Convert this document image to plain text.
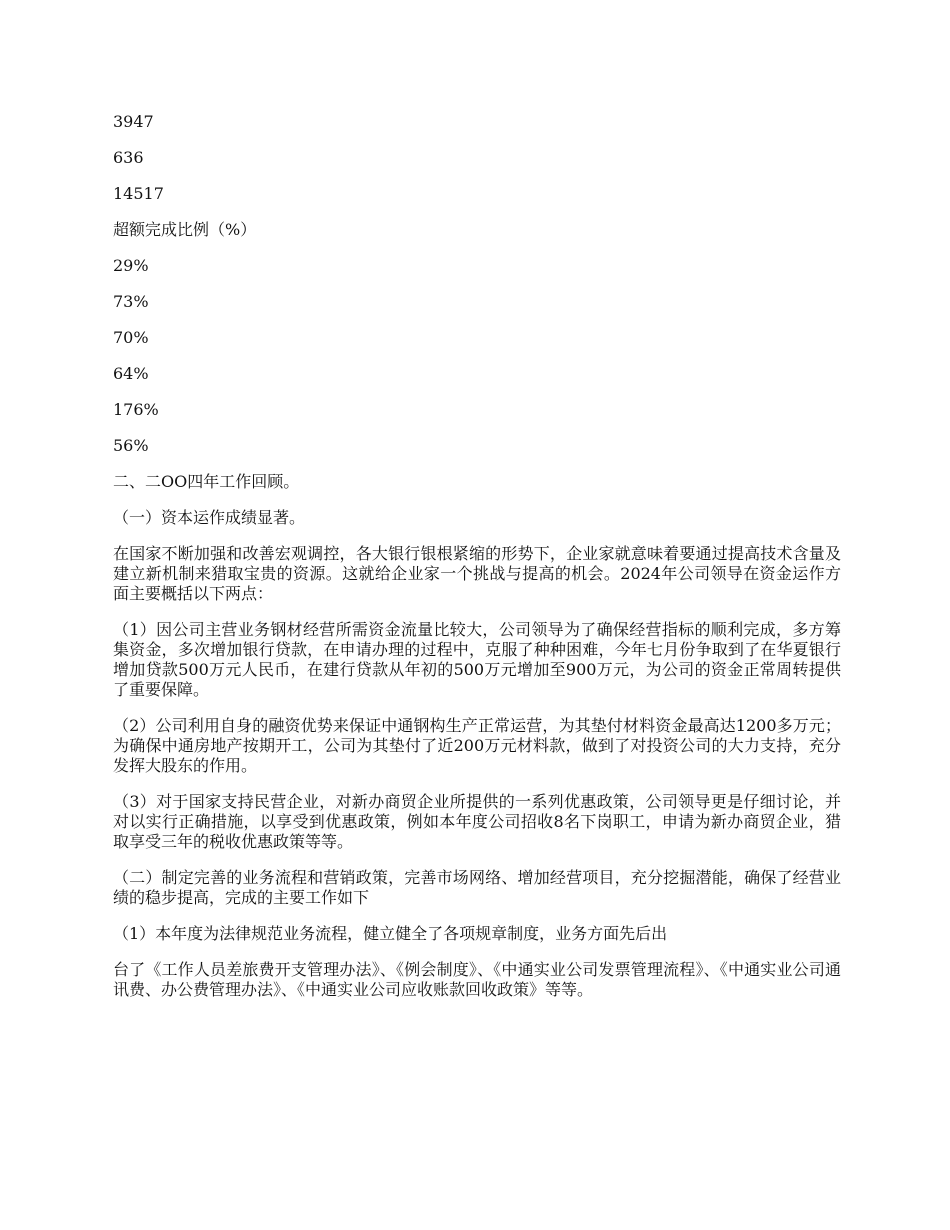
3947

636

14517

超额完成比例（%）

29%

73%

70%

64%

176%

56%

二、二OO四年工作回顾。

（一）资本运作成绩显著。

在国家不断加强和改善宏观调控，各大银行银根紧缩的形势下，企业家就意味着要通过提高技术含量及建立新机制来猎取宝贵的资源。这就给企业家一个挑战与提高的机会。2024年公司领导在资金运作方面主要概括以下两点：

（1）因公司主营业务钢材经营所需资金流量比较大，公司领导为了确保经营指标的顺利完成，多方筹集资金，多次增加银行贷款，在申请办理的过程中，克服了种种困难，今年七月份争取到了在华夏银行增加贷款500万元人民币，在建行贷款从年初的500万元增加至900万元，为公司的资金正常周转提供了重要保障。

（2）公司利用自身的融资优势来保证中通钢构生产正常运营，为其垫付材料资金最高达1200多万元；为确保中通房地产按期开工，公司为其垫付了近200万元材料款，做到了对投资公司的大力支持，充分发挥大股东的作用。

（3）对于国家支持民营企业，对新办商贸企业所提供的一系列优惠政策，公司领导更是仔细讨论，并对以实行正确措施，以享受到优惠政策，例如本年度公司招收8名下岗职工，申请为新办商贸企业，猎取享受三年的税收优惠政策等等。

（二）制定完善的业务流程和营销政策，完善市场网络、增加经营项目，充分挖掘潜能，确保了经营业绩的稳步提高，完成的主要工作如下

（1）本年度为法律规范业务流程，健立健全了各项规章制度，业务方面先后出

台了《工作人员差旅费开支管理办法》、《例会制度》、《中通实业公司发票管理流程》、《中通实业公司通讯费、办公费管理办法》、《中通实业公司应收账款回收政策》等等。
